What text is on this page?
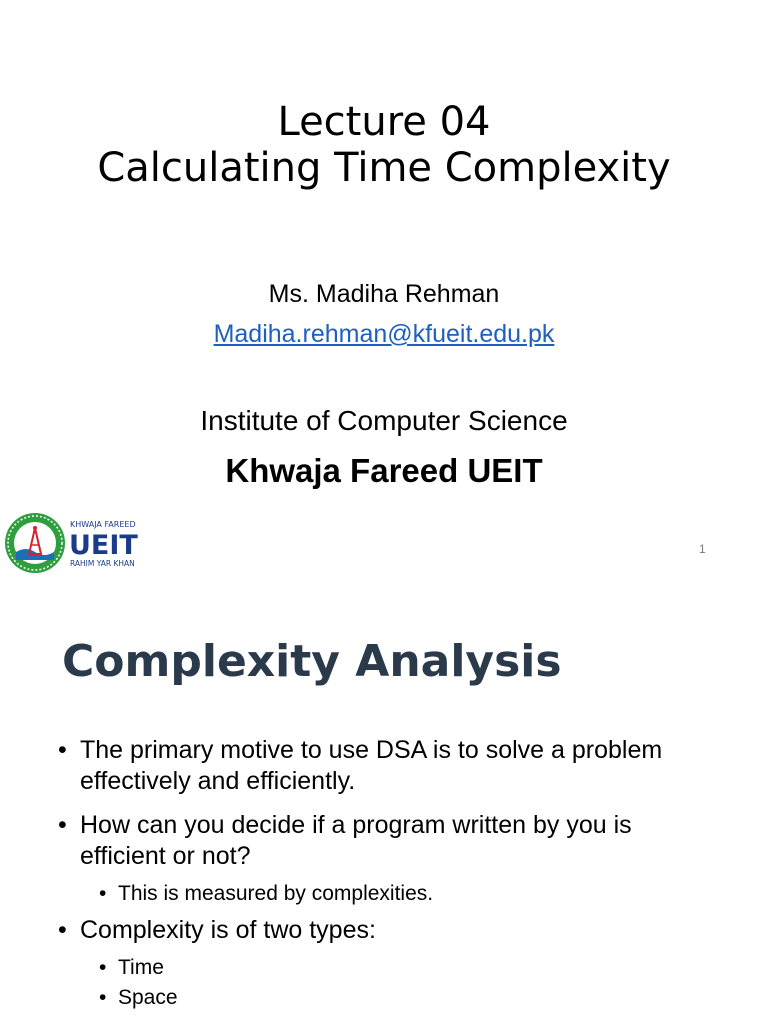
Lecture 04
Calculating Time Complexity
Ms. Madiha Rehman
Madiha.rehman@kfueit.edu.pk
Institute of Computer Science
Khwaja Fareed UEIT
KHWAJA FAREED
UEIT
RAHIM YAR KHAN
1
Complexity Analysis
• The primary motive to use DSA is to solve a problem effectively and efficiently.
• How can you decide if a program written by you is efficient or not?
• This is measured by complexities.
• Complexity is of two types:
• Time
• Space
